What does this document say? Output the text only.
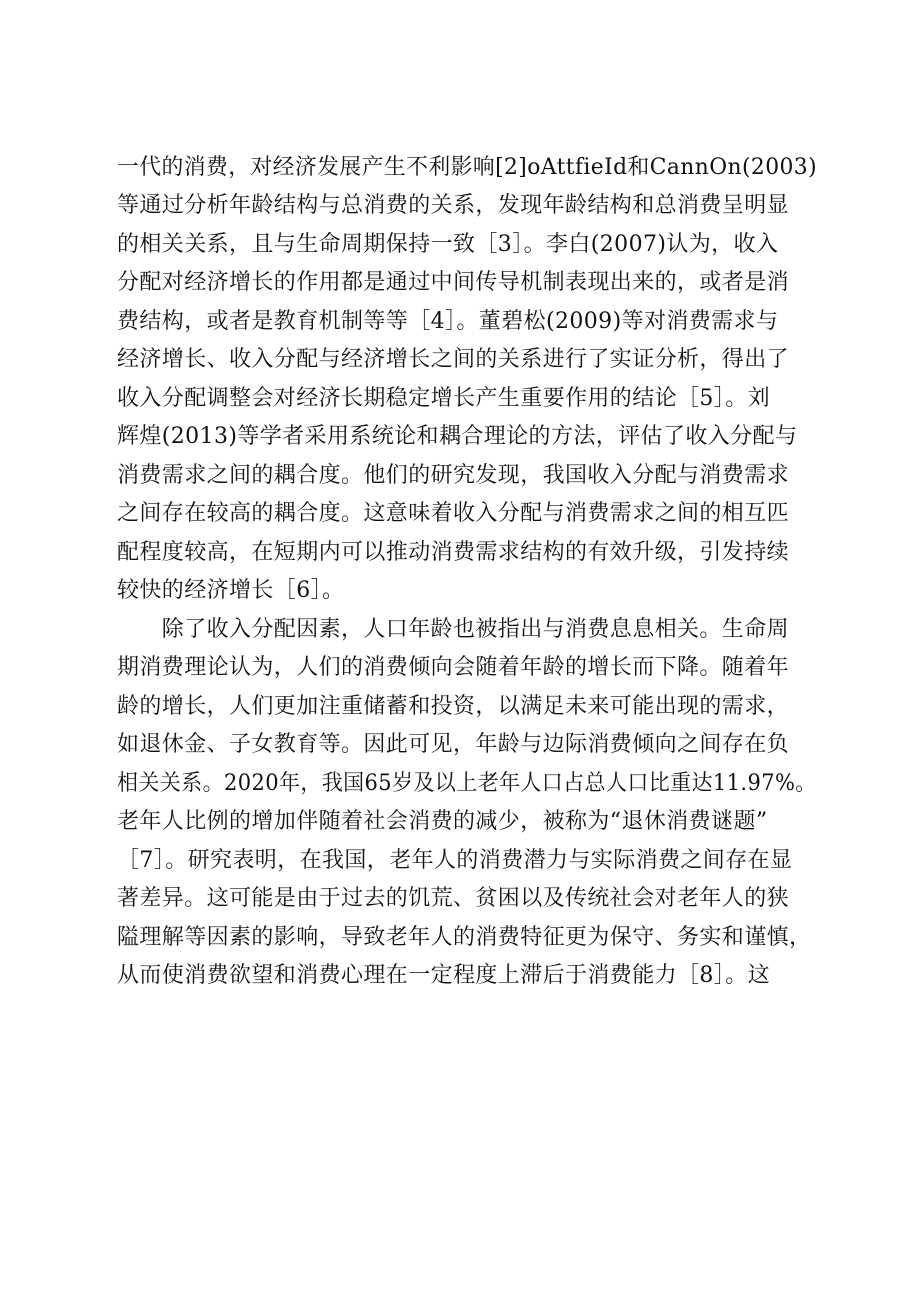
一代的消费，对经济发展产生不利影响[2]oAttfieId和CannOn(2003)
等通过分析年龄结构与总消费的关系，发现年龄结构和总消费呈明显
的相关关系，且与生命周期保持一致［3］。李白(2007)认为，收入
分配对经济增长的作用都是通过中间传导机制表现出来的，或者是消
费结构，或者是教育机制等等［4］。董碧松(2009)等对消费需求与
经济增长、收入分配与经济增长之间的关系进行了实证分析，得出了
收入分配调整会对经济长期稳定增长产生重要作用的结论［5］。刘
辉煌(2013)等学者采用系统论和耦合理论的方法，评估了收入分配与
消费需求之间的耦合度。他们的研究发现，我国收入分配与消费需求
之间存在较高的耦合度。这意味着收入分配与消费需求之间的相互匹
配程度较高，在短期内可以推动消费需求结构的有效升级，引发持续
较快的经济增长［6］。
　　除了收入分配因素，人口年龄也被指出与消费息息相关。生命周
期消费理论认为，人们的消费倾向会随着年龄的增长而下降。随着年
龄的增长，人们更加注重储蓄和投资，以满足未来可能出现的需求，
如退休金、子女教育等。因此可见，年龄与边际消费倾向之间存在负
相关关系。2020年，我国65岁及以上老年人口占总人口比重达11.97%。
老年人比例的增加伴随着社会消费的减少，被称为“退休消费谜题”
［7］。研究表明，在我国，老年人的消费潜力与实际消费之间存在显
著差异。这可能是由于过去的饥荒、贫困以及传统社会对老年人的狭
隘理解等因素的影响，导致老年人的消费特征更为保守、务实和谨慎，
从而使消费欲望和消费心理在一定程度上滞后于消费能力［8］。这
